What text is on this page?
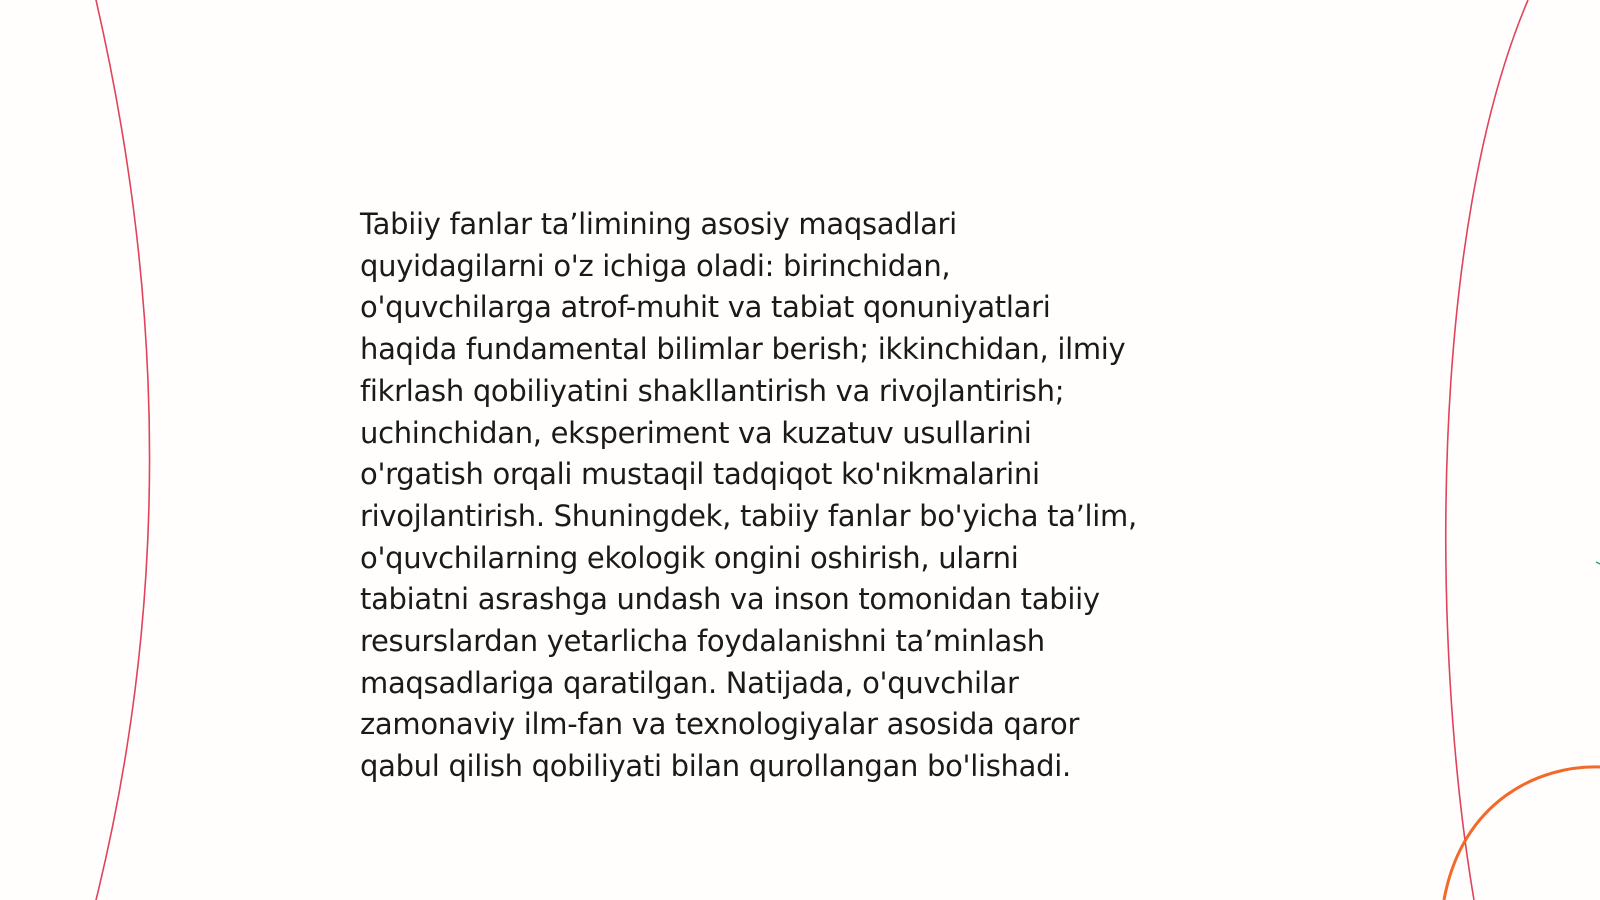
Tabiiy fanlar ta’limining asosiy maqsadlari
quyidagilarni o'z ichiga oladi: birinchidan,
o'quvchilarga atrof-muhit va tabiat qonuniyatlari
haqida fundamental bilimlar berish; ikkinchidan, ilmiy
fikrlash qobiliyatini shakllantirish va rivojlantirish;
uchinchidan, eksperiment va kuzatuv usullarini
o'rgatish orqali mustaqil tadqiqot ko'nikmalarini
rivojlantirish. Shuningdek, tabiiy fanlar bo'yicha ta’lim,
o'quvchilarning ekologik ongini oshirish, ularni
tabiatni asrashga undash va inson tomonidan tabiiy
resurslardan yetarlicha foydalanishni ta’minlash
maqsadlariga qaratilgan. Natijada, o'quvchilar
zamonaviy ilm-fan va texnologiyalar asosida qaror
qabul qilish qobiliyati bilan qurollangan bo'lishadi.
